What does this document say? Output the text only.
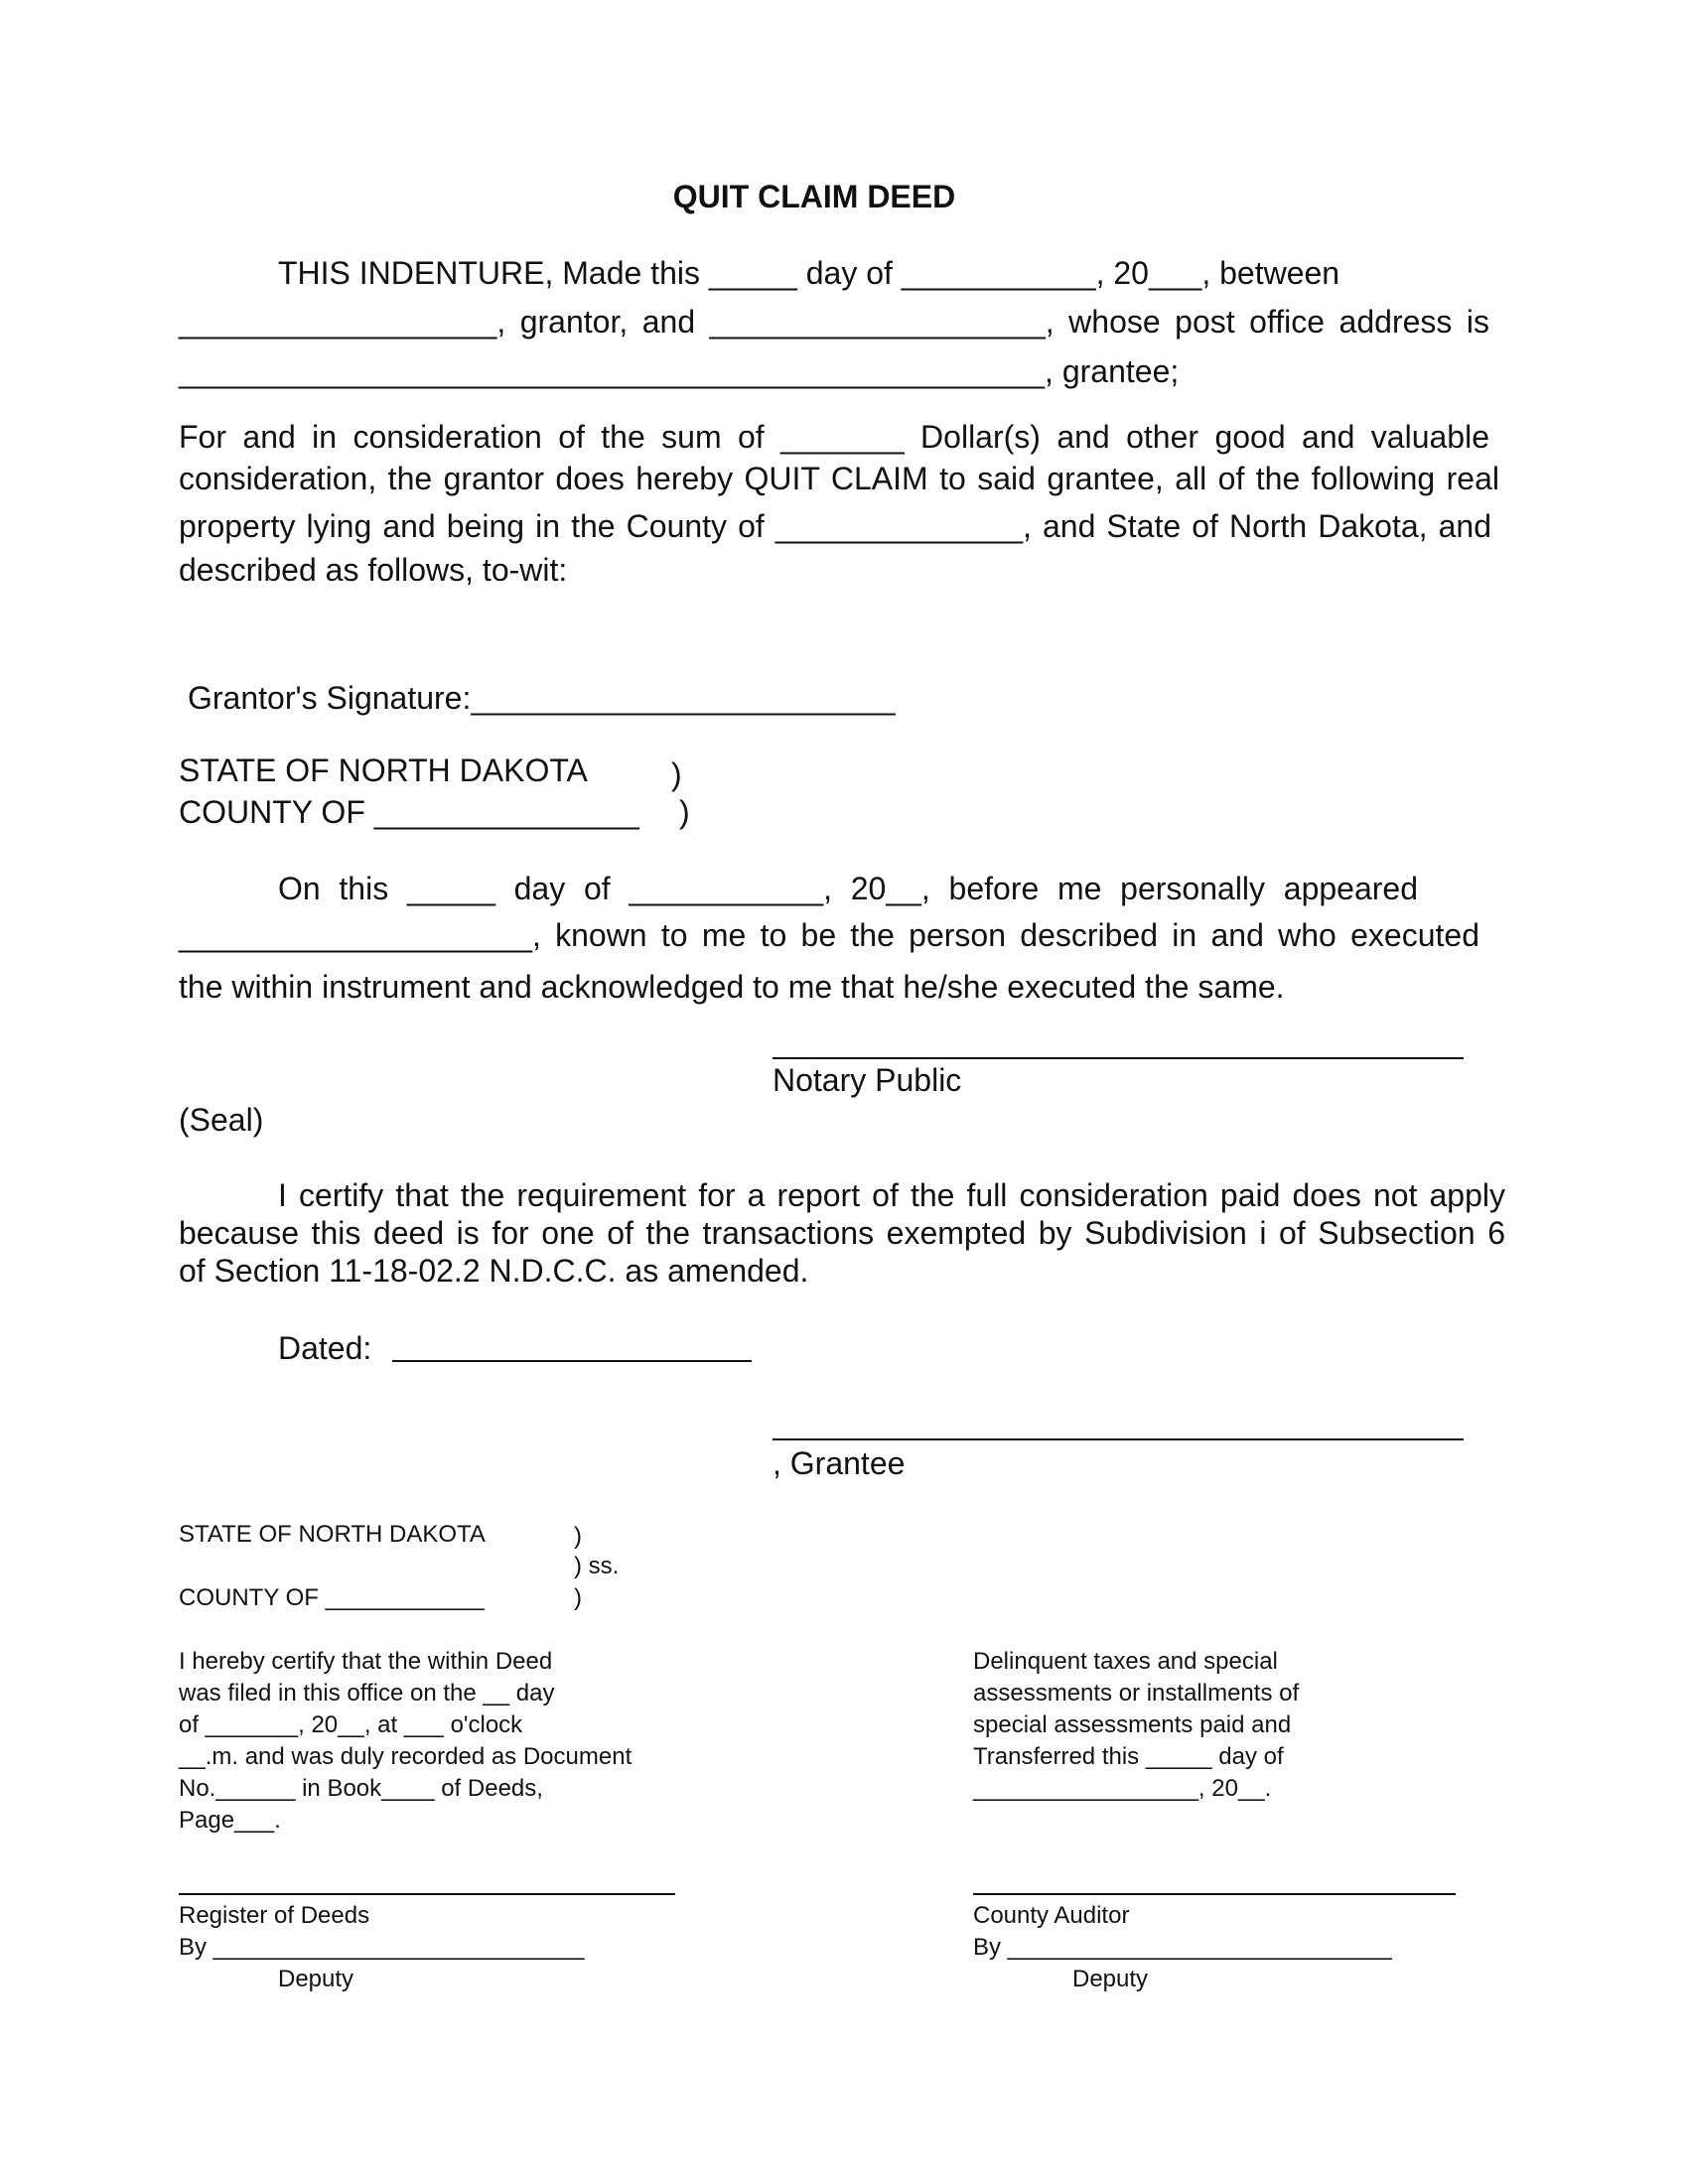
QUIT CLAIM DEED
THIS INDENTURE, Made this _____ day of ___________, 20___, between
__________________, grantor, and ___________________, whose post office address is
_________________________________________________, grantee;
For and in consideration of the sum of _______ Dollar(s) and other good and valuable
consideration, the grantor does hereby QUIT CLAIM to said grantee, all of the following real
property lying and being in the County of ______________, and State of North Dakota, and
described as follows, to-wit:
Grantor's Signature:________________________
STATE OF NORTH DAKOTA	)
COUNTY OF _______________ )
On this _____ day of ___________, 20__, before me personally appeared
____________________, known to me to be the person described in and who executed
the within instrument and acknowledged to me that he/she executed the same.
Notary Public
(Seal)
I certify that the requirement for a report of the full consideration paid does not apply
because this deed is for one of the transactions exempted by Subdivision i of Subsection 6
of Section 11-18-02.2 N.D.C.C. as amended.
Dated:
, Grantee
STATE OF NORTH DAKOTA	)
) ss.
COUNTY OF ____________	)
I hereby certify that the within Deed
was filed in this office on the __ day
of _______, 20__, at ___ o'clock
__.m. and was duly recorded as Document
No.______ in Book____ of Deeds,
Page___.
Delinquent taxes and special
assessments or installments of
special assessments paid and
Transferred this _____ day of
_________________, 20__.
Register of Deeds
By ____________________________
Deputy
County Auditor
By _____________________________
Deputy
